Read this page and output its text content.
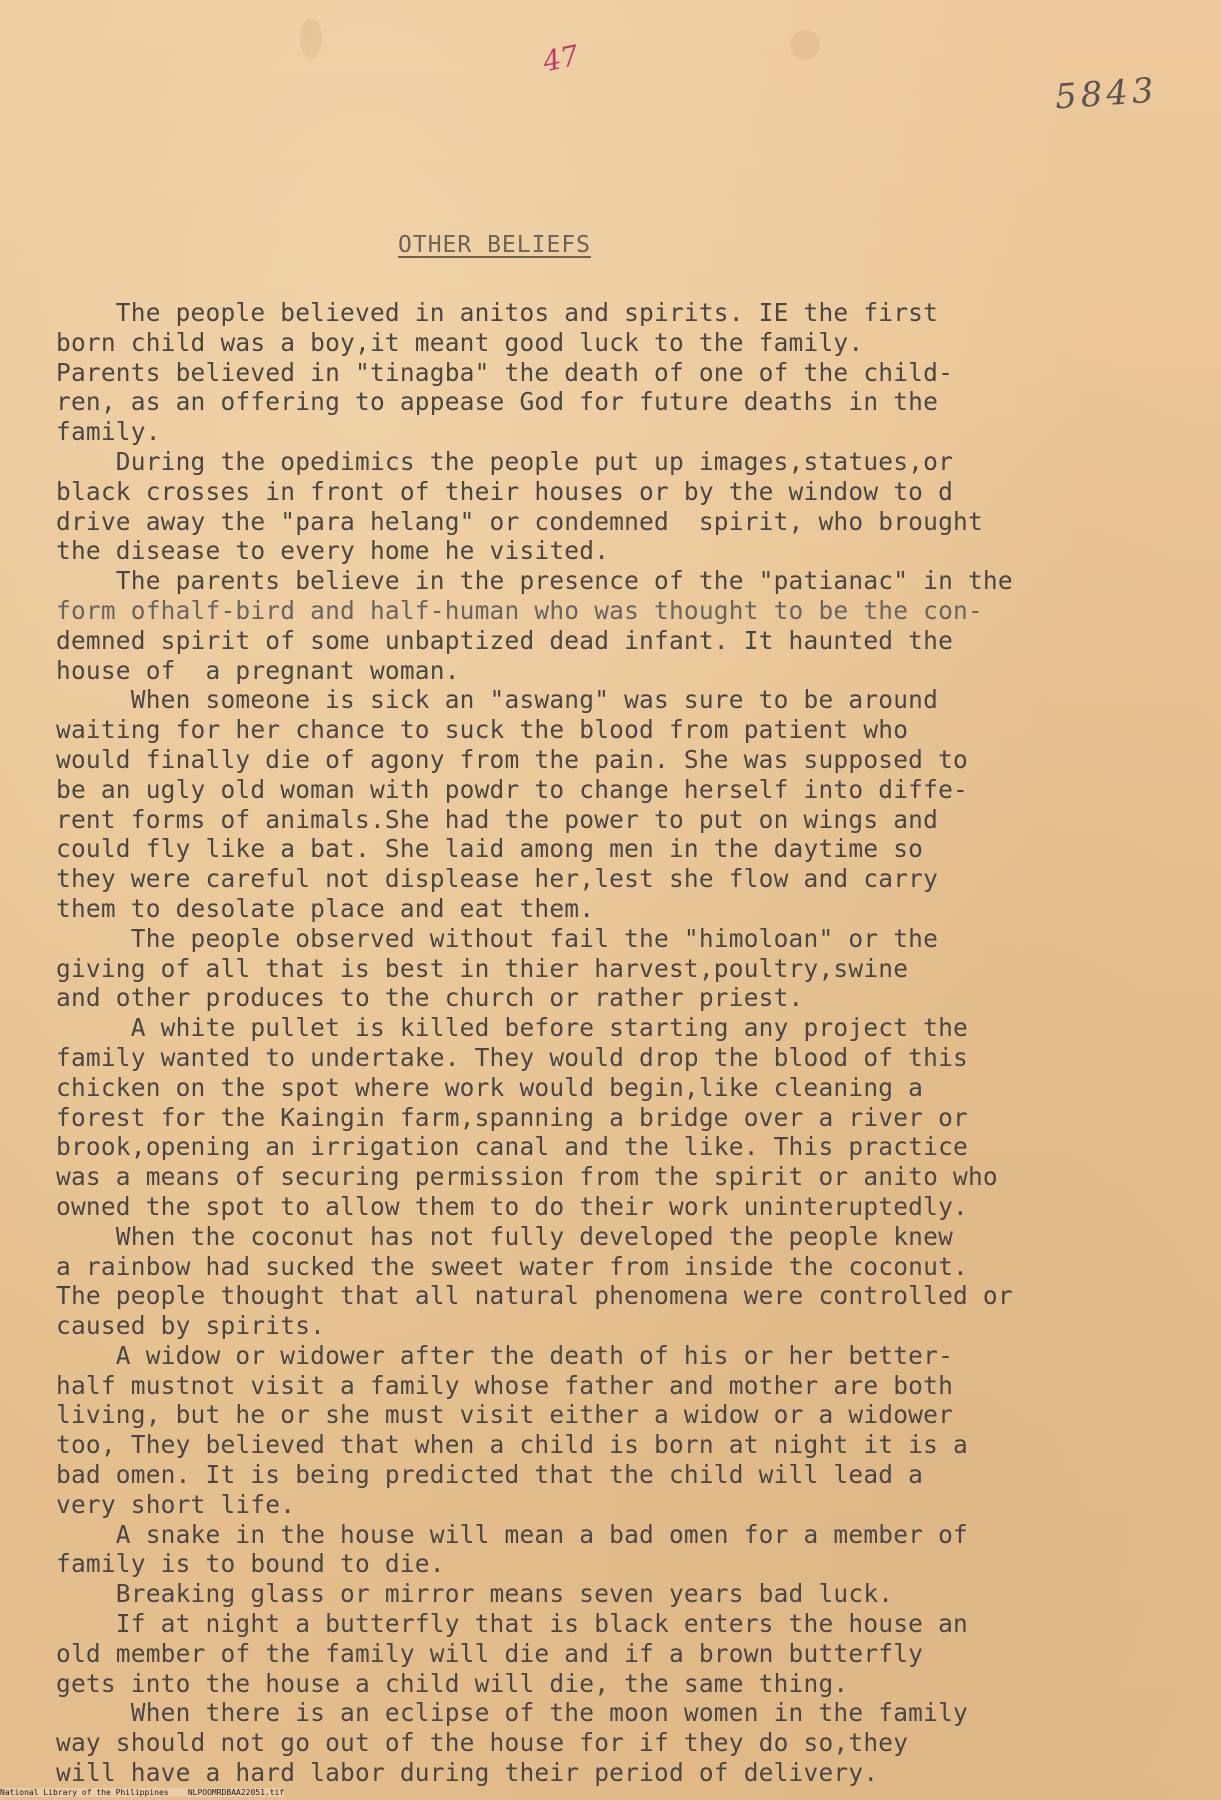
47
5843
OTHER BELIEFS
The people believed in anitos and spirits. IE the first
born child was a boy,it meant good luck to the family.
Parents believed in "tinagba" the death of one of the child-
ren, as an offering to appease God for future deaths in the
family.
During the opedimics the people put up images,statues,or
black crosses in front of their houses or by the window to d
drive away the "para helang" or condemned  spirit, who brought
the disease to every home he visited.
The parents believe in the presence of the "patianac" in the
form ofhalf-bird and half-human who was thought to be the con-
demned spirit of some unbaptized dead infant. It haunted the
house of  a pregnant woman.
When someone is sick an "aswang" was sure to be around
waiting for her chance to suck the blood from patient who
would finally die of agony from the pain. She was supposed to
be an ugly old woman with powdr to change herself into diffe-
rent forms of animals.She had the power to put on wings and
could fly like a bat. She laid among men in the daytime so
they were careful not displease her,lest she flow and carry
them to desolate place and eat them.
The people observed without fail the "himoloan" or the
giving of all that is best in thier harvest,poultry,swine
and other produces to the church or rather priest.
A white pullet is killed before starting any project the
family wanted to undertake. They would drop the blood of this
chicken on the spot where work would begin,like cleaning a
forest for the Kaingin farm,spanning a bridge over a river or
brook,opening an irrigation canal and the like. This practice
was a means of securing permission from the spirit or anito who
owned the spot to allow them to do their work uninteruptedly.
When the coconut has not fully developed the people knew
a rainbow had sucked the sweet water from inside the coconut.
The people thought that all natural phenomena were controlled or
caused by spirits.
A widow or widower after the death of his or her better-
half mustnot visit a family whose father and mother are both
living, but he or she must visit either a widow or a widower
too, They believed that when a child is born at night it is a
bad omen. It is being predicted that the child will lead a
very short life.
A snake in the house will mean a bad omen for a member of
family is to bound to die.
Breaking glass or mirror means seven years bad luck.
If at night a butterfly that is black enters the house an
old member of the family will die and if a brown butterfly
gets into the house a child will die, the same thing.
When there is an eclipse of the moon women in the family
way should not go out of the house for if they do so,they
will have a hard labor during their period of delivery.
National Library of the Philippines    NLPOOMRDBAA22051.tif
